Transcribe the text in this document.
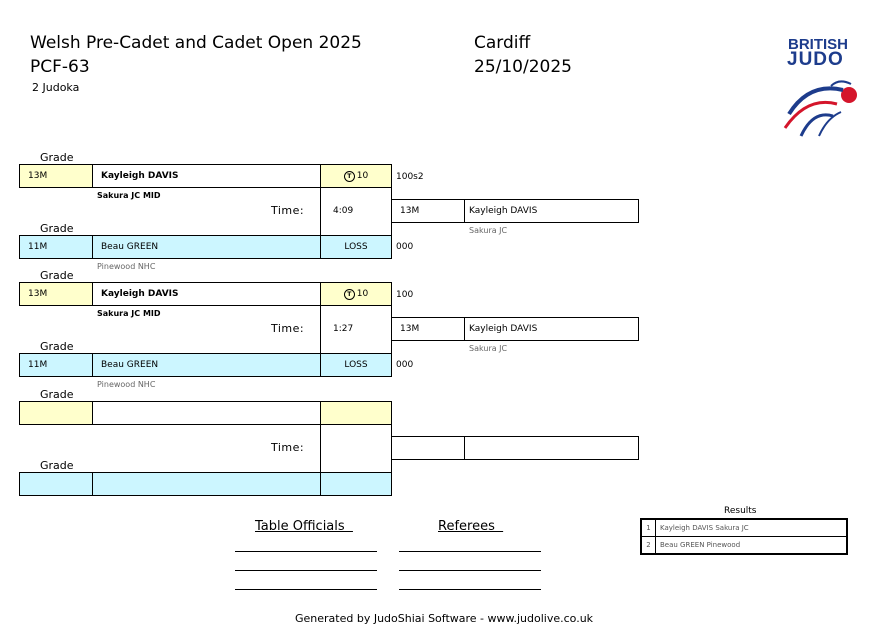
Welsh Pre-Cadet and Cadet Open 2025
PCF-63
2 Judoka
Cardiff
25/10/2025
BRITISH
JUDO
Grade
13M	Kayleigh DAVIS	T 10	100s2
Sakura JC MID
Time:	4:09	13M	Kayleigh DAVIS
Sakura JC
Grade
11M	Beau GREEN	LOSS	000
Pinewood NHC
Grade
13M	Kayleigh DAVIS	T 10	100
Sakura JC MID
Time:	1:27	13M	Kayleigh DAVIS
Sakura JC
Grade
11M	Beau GREEN	LOSS	000
Pinewood NHC
Grade
Time:
Grade
Table Officials	Referees
Results
1	Kayleigh DAVIS Sakura JC
2	Beau GREEN Pinewood
Generated by JudoShiai Software - www.judolive.co.uk
